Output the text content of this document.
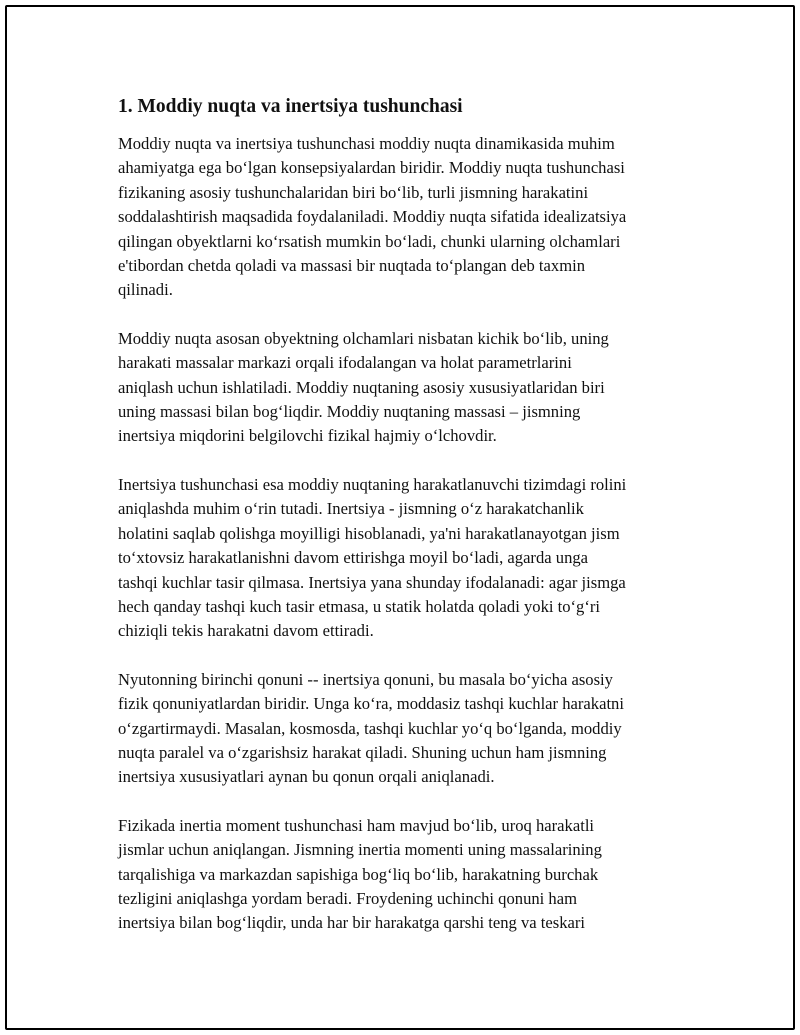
1. Moddiy nuqta va inertsiya tushunchasi

Moddiy nuqta va inertsiya tushunchasi moddiy nuqta dinamikasida muhim
ahamiyatga ega bo‘lgan konsepsiyalardan biridir. Moddiy nuqta tushunchasi
fizikaning asosiy tushunchalaridan biri bo‘lib, turli jismning harakatini
soddalashtirish maqsadida foydalaniladi. Moddiy nuqta sifatida idealizatsiya
qilingan obyektlarni ko‘rsatish mumkin bo‘ladi, chunki ularning olchamlari
e'tibordan chetda qoladi va massasi bir nuqtada to‘plangan deb taxmin
qilinadi.

Moddiy nuqta asosan obyektning olchamlari nisbatan kichik bo‘lib, uning
harakati massalar markazi orqali ifodalangan va holat parametrlarini
aniqlash uchun ishlatiladi. Moddiy nuqtaning asosiy xususiyatlaridan biri
uning massasi bilan bog‘liqdir. Moddiy nuqtaning massasi – jismning
inertsiya miqdorini belgilovchi fizikal hajmiy o‘lchovdir.

Inertsiya tushunchasi esa moddiy nuqtaning harakatlanuvchi tizimdagi rolini
aniqlashda muhim o‘rin tutadi. Inertsiya - jismning o‘z harakatchanlik
holatini saqlab qolishga moyilligi hisoblanadi, ya'ni harakatlanayotgan jism
to‘xtovsiz harakatlanishni davom ettirishga moyil bo‘ladi, agarda unga
tashqi kuchlar tasir qilmasa. Inertsiya yana shunday ifodalanadi: agar jismga
hech qanday tashqi kuch tasir etmasa, u statik holatda qoladi yoki to‘g‘ri
chiziqli tekis harakatni davom ettiradi.

Nyutonning birinchi qonuni -- inertsiya qonuni, bu masala bo‘yicha asosiy
fizik qonuniyatlardan biridir. Unga ko‘ra, moddasiz tashqi kuchlar harakatni
o‘zgartirmaydi. Masalan, kosmosda, tashqi kuchlar yo‘q bo‘lganda, moddiy
nuqta paralel va o‘zgarishsiz harakat qiladi. Shuning uchun ham jismning
inertsiya xususiyatlari aynan bu qonun orqali aniqlanadi.

Fizikada inertia moment tushunchasi ham mavjud bo‘lib, uroq harakatli
jismlar uchun aniqlangan. Jismning inertia momenti uning massalarining
tarqalishiga va markazdan sapishiga bog‘liq bo‘lib, harakatning burchak
tezligini aniqlashga yordam beradi. Froydening uchinchi qonuni ham
inertsiya bilan bog‘liqdir, unda har bir harakatga qarshi teng va teskari
